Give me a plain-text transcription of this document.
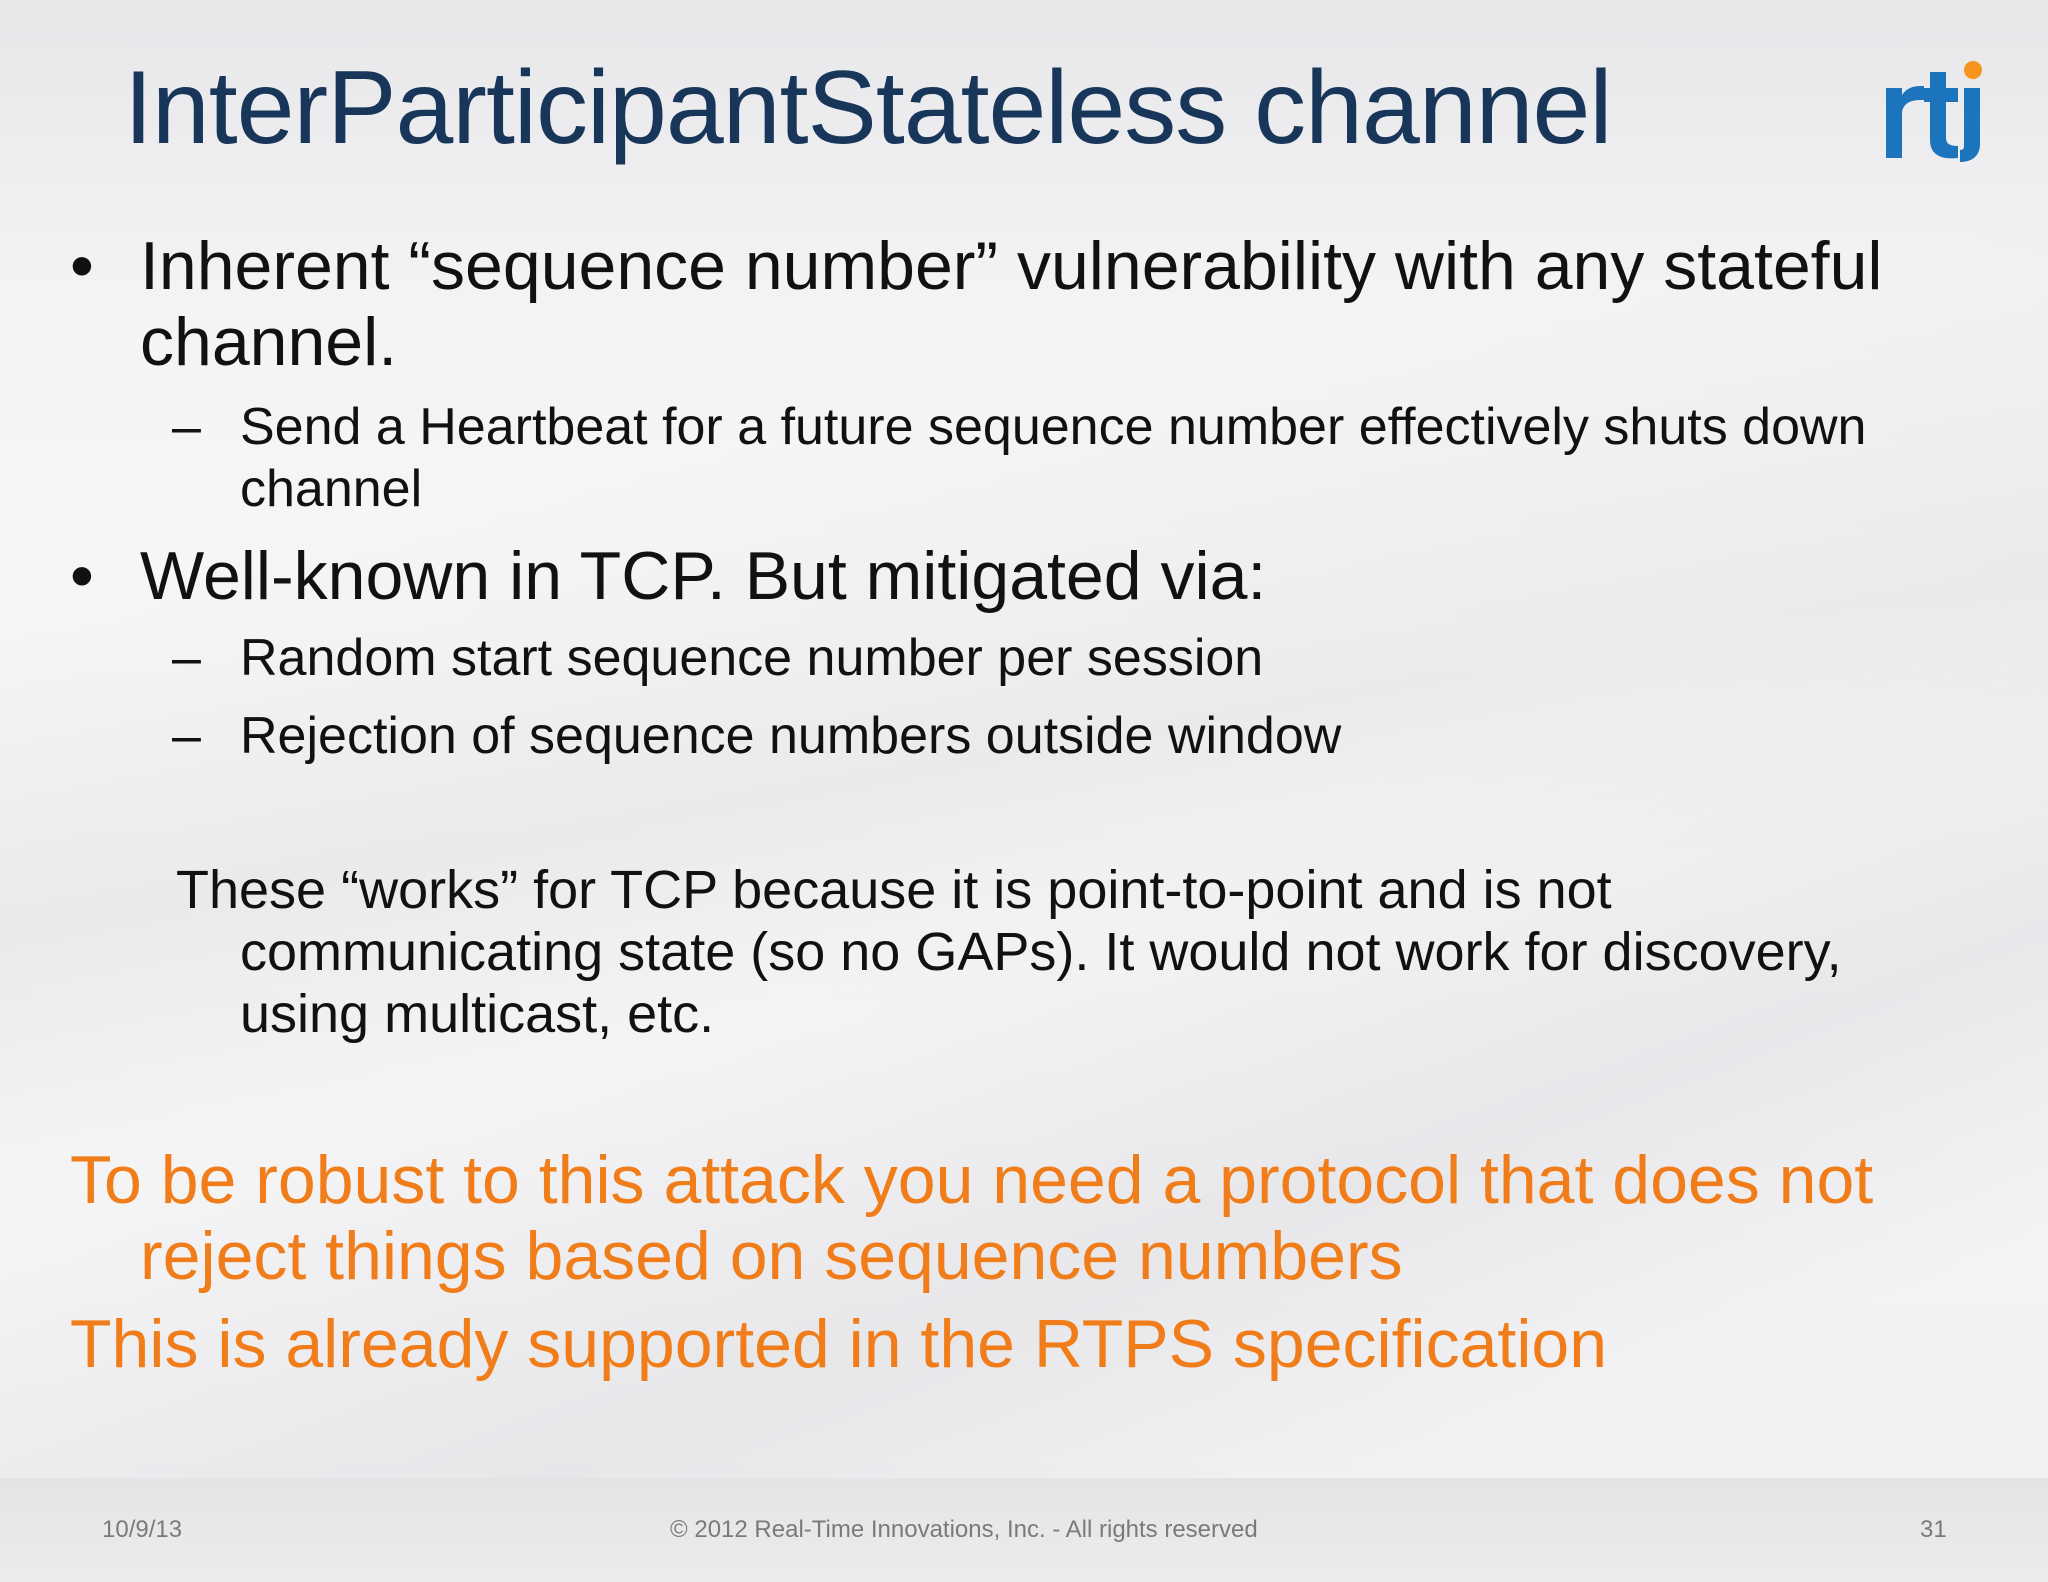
InterParticipantStateless channel

• Inherent “sequence number” vulnerability with any stateful channel.

– Send a Heartbeat for a future sequence number effectively shuts down channel

• Well-known in TCP. But mitigated via:

– Random start sequence number per session

– Rejection of sequence numbers outside window

These “works” for TCP because it is point-to-point and is not communicating state (so no GAPs). It would not work for discovery, using multicast, etc.

To be robust to this attack you need a protocol that does not reject things based on sequence numbers

This is already supported in the RTPS specification

10/9/13	© 2012 Real-Time Innovations, Inc. - All rights reserved	31
